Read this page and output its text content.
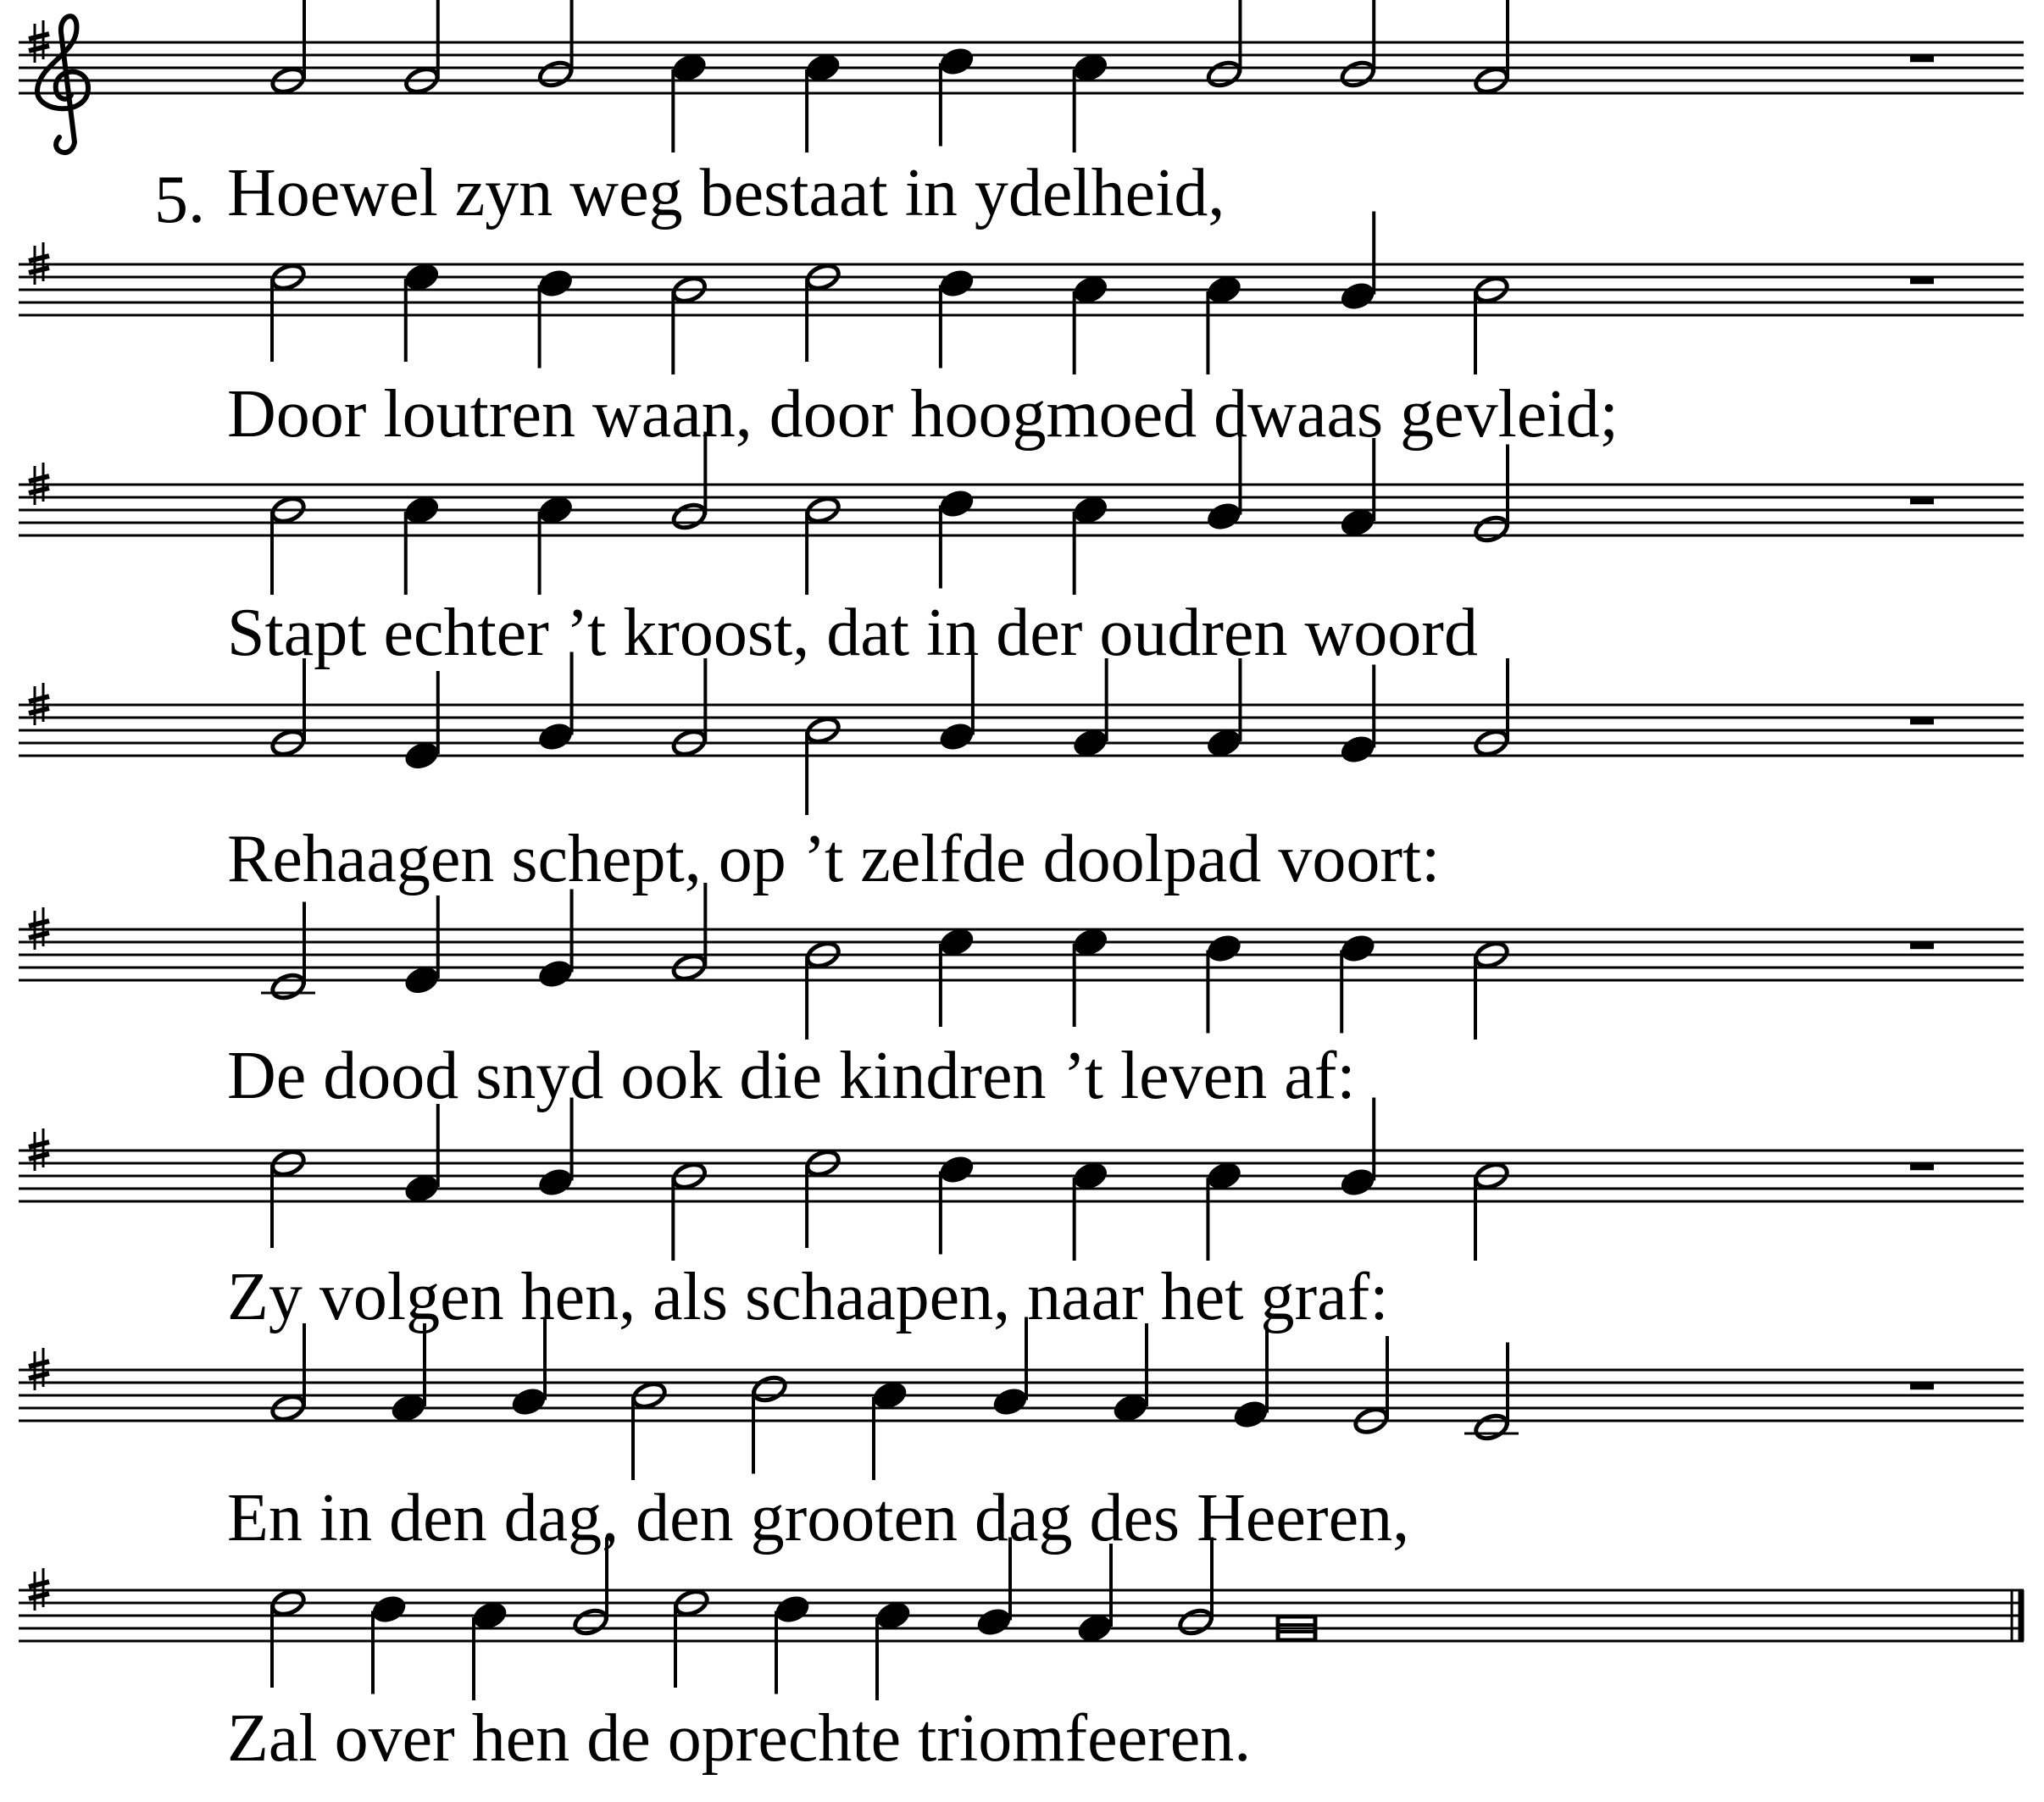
5. Hoewel zyn weg bestaat in ydelheid,
Door loutren waan, door hoogmoed dwaas gevleid;
Stapt echter ’t kroost, dat in der oudren woord
Rehaagen schept, op ’t zelfde doolpad voort:
De dood snyd ook die kindren ’t leven af:
Zy volgen hen, als schaapen, naar het graf:
En in den dag, den grooten dag des Heeren,
Zal over hen de oprechte triomfeeren.
